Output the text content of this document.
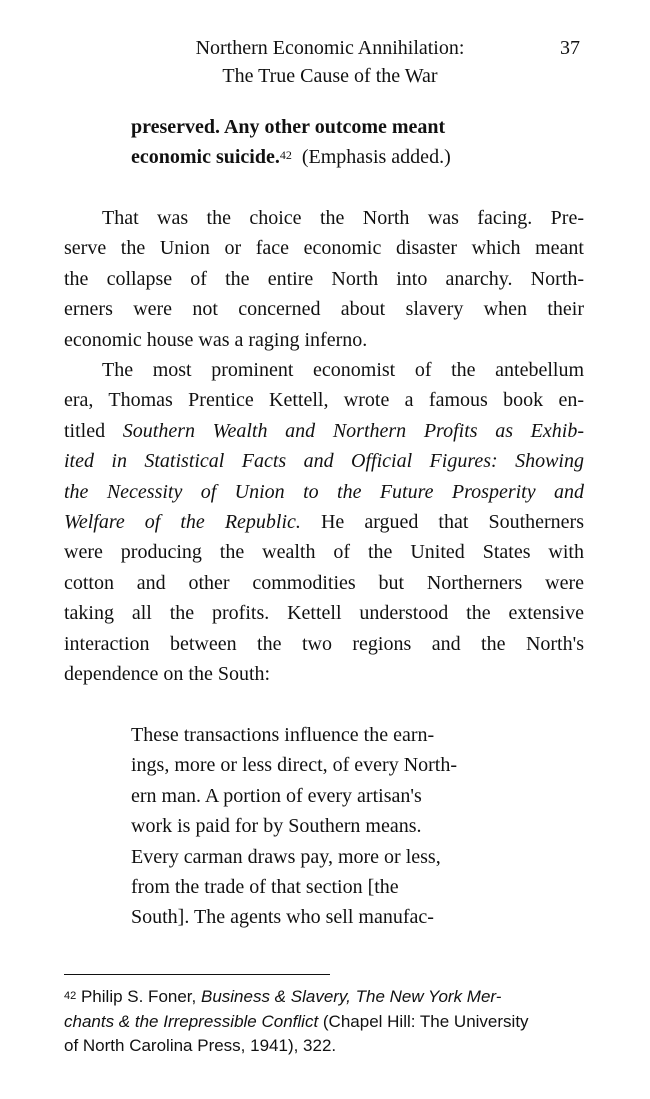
Northern Economic Annihilation:
The True Cause of the War
37
preserved. Any other outcome meant
economic suicide.$^{42}$ (Emphasis added.)
That was the choice the North was facing. Pre-
serve the Union or face economic disaster which meant
the collapse of the entire North into anarchy. North-
erners were not concerned about slavery when their
economic house was a raging inferno.
The most prominent economist of the antebellum
era, Thomas Prentice Kettell, wrote a famous book en-
titled Southern Wealth and Northern Profits as Exhib-
ited in Statistical Facts and Official Figures: Showing
the Necessity of Union to the Future Prosperity and
Welfare of the Republic. He argued that Southerners
were producing the wealth of the United States with
cotton and other commodities but Northerners were
taking all the profits. Kettell understood the extensive
interaction between the two regions and the North's
dependence on the South:
These transactions influence the earn-
ings, more or less direct, of every North-
ern man. A portion of every artisan's
work is paid for by Southern means.
Every carman draws pay, more or less,
from the trade of that section [the
South]. The agents who sell manufac-
$^{42}$ Philip S. Foner, Business & Slavery, The New York Mer-
chants & the Irrepressible Conflict (Chapel Hill: The University
of North Carolina Press, 1941), 322.
